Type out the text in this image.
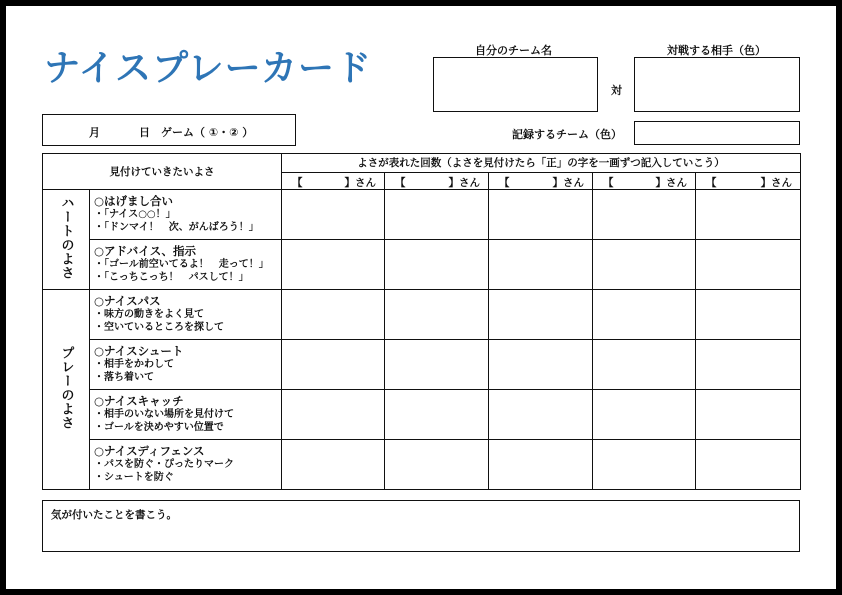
ナイスプレーカード	自分のチーム名
対
対戦する相手（色）
月	日 ゲーム（ ①・② ）	記録するチーム（色）
見付けていきたいよさ		よさが表れた回数（よさを見付けたら「正」の字を一画ずつ記入していこう）				

		【 】さん	【 】さん	【 】さん	【 】さん	【 】さん

ハートのよさ	○はげまし合い
・「ナイス○○！」
・「ドンマイ！　次、がんばろう！」					

	○アドバイス、指示
・「ゴール前空いてるよ！　走って！」
・「こっちこっち！　パスして！」					

プレーのよさ	○ナイスパス
・味方の動きをよく見て
・空いているところを探して					

	○ナイスシュート
・相手をかわして
・落ち着いて					

	○ナイスキャッチ
・相手のいない場所を見付けて
・ゴールを決めやすい位置で					

	○ナイスディフェンス
・パスを防ぐ・ぴったりマーク
・シュートを防ぐ					

気が付いたことを書こう。
